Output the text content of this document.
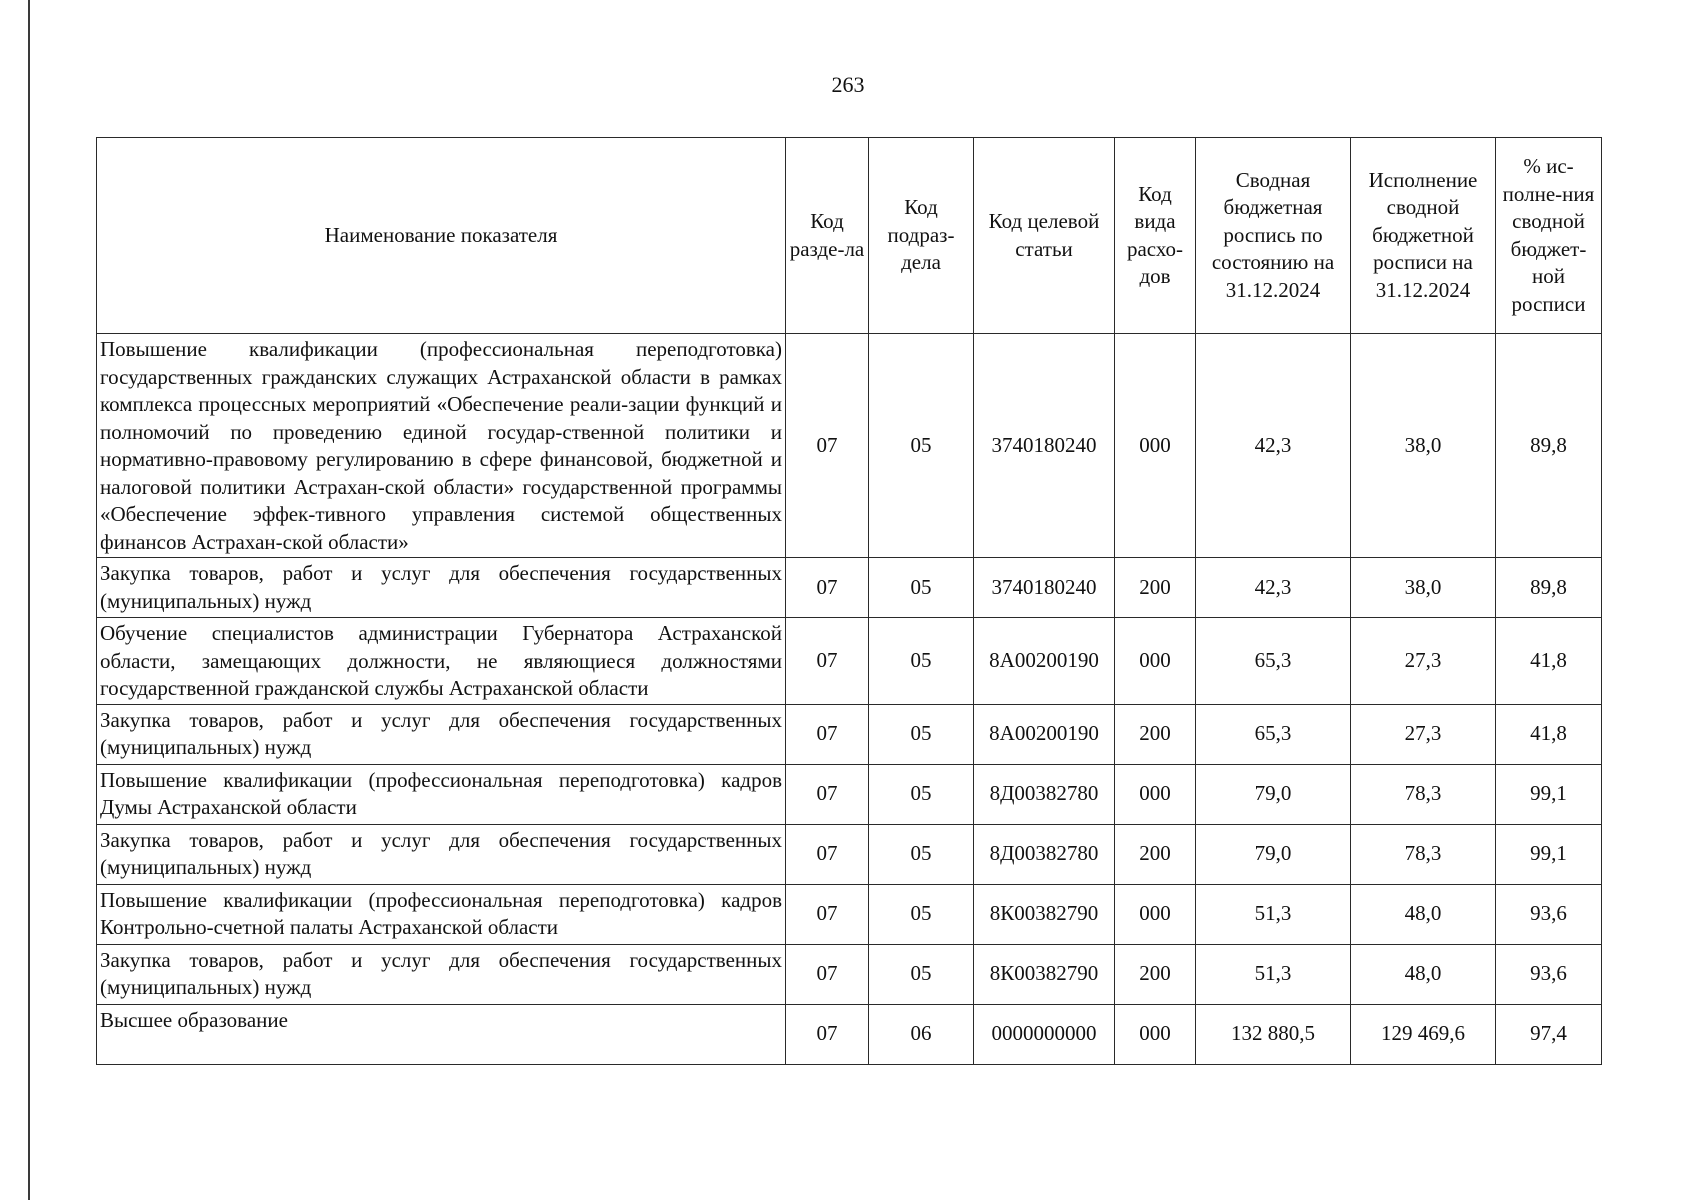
263
Наименование показателя	Код разде-ла	Код подраз-дела	Код целевой статьи	Код вида расхо-дов	Сводная бюджетная роспись по состоянию на 31.12.2024	Исполнение сводной бюджетной росписи на 31.12.2024	% ис-полне-ния сводной бюджет-ной росписи
Повышение квалификации (профессиональная переподготовка) государственных гражданских служащих Астраханской области в рамках комплекса процессных мероприятий «Обеспечение реали-зации функций и полномочий по проведению единой государ-ственной политики и нормативно-правовому регулированию в сфере финансовой, бюджетной и налоговой политики Астрахан-ской области» государственной программы «Обеспечение эффек-тивного управления системой общественных финансов Астрахан-ской области»	07	05	3740180240	000	42,3	38,0	89,8
Закупка товаров, работ и услуг для обеспечения государственных (муниципальных) нужд	07	05	3740180240	200	42,3	38,0	89,8
Обучение специалистов администрации Губернатора Астраханской области, замещающих должности, не являющиеся должностями государственной гражданской службы Астраханской области	07	05	8А00200190	000	65,3	27,3	41,8
Закупка товаров, работ и услуг для обеспечения государственных (муниципальных) нужд	07	05	8А00200190	200	65,3	27,3	41,8
Повышение квалификации (профессиональная переподготовка) кадров Думы Астраханской области	07	05	8Д00382780	000	79,0	78,3	99,1
Закупка товаров, работ и услуг для обеспечения государственных (муниципальных) нужд	07	05	8Д00382780	200	79,0	78,3	99,1
Повышение квалификации (профессиональная переподготовка) кадров Контрольно-счетной палаты Астраханской области	07	05	8К00382790	000	51,3	48,0	93,6
Закупка товаров, работ и услуг для обеспечения государственных (муниципальных) нужд	07	05	8К00382790	200	51,3	48,0	93,6
Высшее образование	07	06	0000000000	000	132 880,5	129 469,6	97,4
